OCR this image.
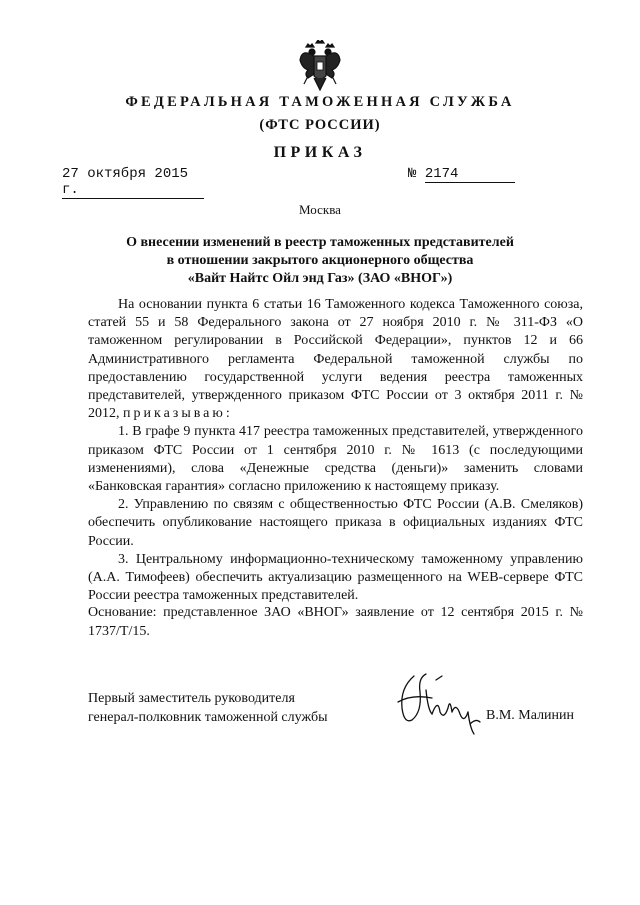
ФЕДЕРАЛЬНАЯ ТАМОЖЕННАЯ СЛУЖБА
(ФТС РОССИИ)
ПРИКАЗ
27 октября 2015 г.
№ 2174
Москва
О внесении изменений в реестр таможенных представителей
в отношении закрытого акционерного общества
«Вайт Найтс Ойл энд Газ» (ЗАО «ВНОГ»)

На основании пункта 6 статьи 16 Таможенного кодекса Таможенного союза, статей 55 и 58 Федерального закона от 27 ноября 2010 г. № 311-ФЗ «О таможенном регулировании в Российской Федерации», пунктов 12 и 66 Административного регламента Федеральной таможенной службы по предоставлению государственной услуги ведения реестра таможенных представителей, утвержденного приказом ФТС России от 3 октября 2011 г. № 2012, приказываю:

1. В графе 9 пункта 417 реестра таможенных представителей, утвержденного приказом ФТС России от 1 сентября 2010 г. № 1613 (с последующими изменениями), слова «Денежные средства (деньги)» заменить словами «Банковская гарантия» согласно приложению к настоящему приказу.

2. Управлению по связям с общественностью ФТС России (А.В. Смеляков) обеспечить опубликование настоящего приказа в официальных изданиях ФТС России.

3. Центральному информационно-техническому таможенному управлению (А.А. Тимофеев) обеспечить актуализацию размещенного на WEB-сервере ФТС России реестра таможенных представителей.

Основание: представленное ЗАО «ВНОГ» заявление от 12 сентября 2015 г. № 1737/Т/15.
Первый заместитель руководителя
генерал-полковник таможенной службы	В.М. Малинин
